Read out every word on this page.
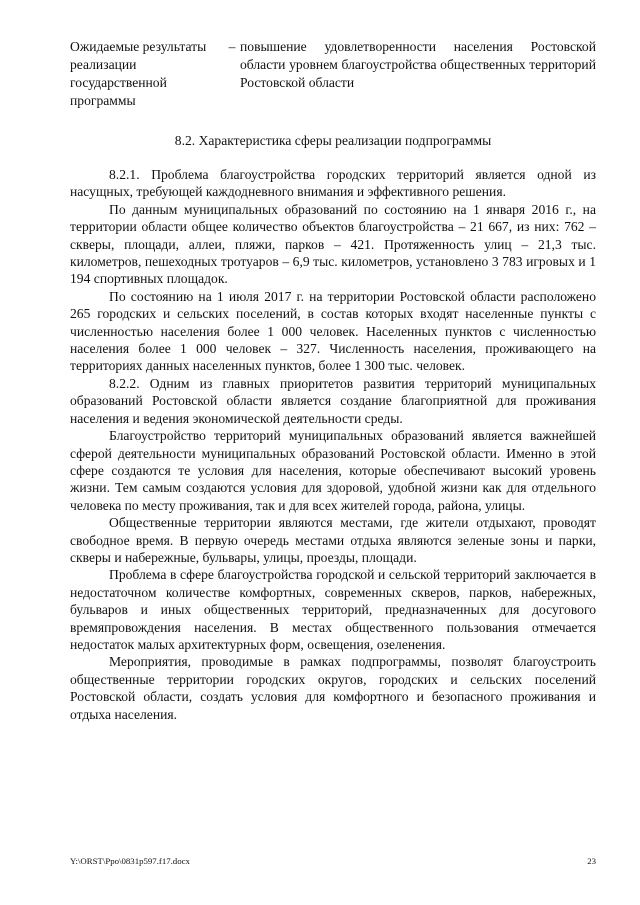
Ожидаемые результаты реализации государственной программы
– повышение удовлетворенности населения Ростовской области уровнем благоустройства общественных территорий Ростовской области
8.2. Характеристика сферы реализации подпрограммы

8.2.1. Проблема благоустройства городских территорий является одной из насущных, требующей каждодневного внимания и эффективного решения.

По данным муниципальных образований по состоянию на 1 января 2016 г., на территории области общее количество объектов благоустройства – 21 667, из них: 762 – скверы, площади, аллеи, пляжи, парков – 421. Протяженность улиц – 21,3 тыс. километров, пешеходных тротуаров – 6,9 тыс. километров, установлено 3 783 игровых и 1 194 спортивных площадок.

По состоянию на 1 июля 2017 г. на территории Ростовской области расположено 265 городских и сельских поселений, в состав которых входят населенные пункты с численностью населения более 1 000 человек. Населенных пунктов с численностью населения более 1 000 человек – 327. Численность населения, проживающего на территориях данных населенных пунктов, более 1 300 тыс. человек.

8.2.2. Одним из главных приоритетов развития территорий муниципальных образований Ростовской области является создание благоприятной для проживания населения и ведения экономической деятельности среды.

Благоустройство территорий муниципальных образований является важнейшей сферой деятельности муниципальных образований Ростовской области. Именно в этой сфере создаются те условия для населения, которые обеспечивают высокий уровень жизни. Тем самым создаются условия для здоровой, удобной жизни как для отдельного человека по месту проживания, так и для всех жителей города, района, улицы.

Общественные территории являются местами, где жители отдыхают, проводят свободное время. В первую очередь местами отдыха являются зеленые зоны и парки, скверы и набережные, бульвары, улицы, проезды, площади.

Проблема в сфере благоустройства городской и сельской территорий заключается в недостаточном количестве комфортных, современных скверов, парков, набережных, бульваров и иных общественных территорий, предназначенных для досугового времяпровождения населения. В местах общественного пользования отмечается недостаток малых архитектурных форм, освещения, озеленения.

Мероприятия, проводимые в рамках подпрограммы, позволят благоустроить общественные территории городских округов, городских и сельских поселений Ростовской области, создать условия для комфортного и безопасного проживания и отдыха населения.

Y:\ORST\Ppo\0831p597.f17.docx	23
